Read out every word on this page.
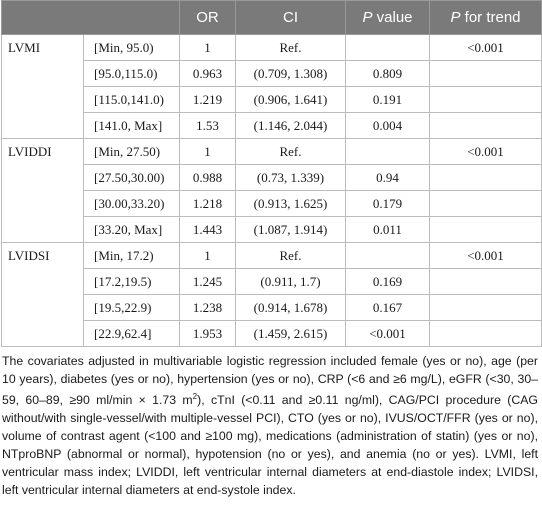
		OR	CI	P value	P for trend
LVMI	[Min, 95.0)	1	Ref.		<0.001
	[95.0,115.0)	0.963	(0.709, 1.308)	0.809	
	[115.0,141.0)	1.219	(0.906, 1.641)	0.191	
	[141.0, Max]	1.53	(1.146, 2.044)	0.004	
LVIDDI	[Min, 27.50)	1	Ref.		<0.001
	[27.50,30.00)	0.988	(0.73, 1.339)	0.94	
	[30.00,33.20)	1.218	(0.913, 1.625)	0.179	
	[33.20, Max]	1.443	(1.087, 1.914)	0.011	
LVIDSI	[Min, 17.2)	1	Ref.		<0.001
	[17.2,19.5)	1.245	(0.911, 1.7)	0.169	
	[19.5,22.9)	1.238	(0.914, 1.678)	0.167	
	[22.9,62.4]	1.953	(1.459, 2.615)	<0.001	

The covariates adjusted in multivariable logistic regression included female (yes or no), age (per 10 years), diabetes (yes or no), hypertension (yes or no), CRP (<6 and ≥6 mg/L), eGFR (<30, 30–59, 60–89, ≥90 ml/min × 1.73 $m^2$), cTnI (<0.11 and ≥0.11 ng/ml), CAG/PCI procedure (CAG without/with single-vessel/with multiple-vessel PCI), CTO (yes or no), IVUS/OCT/FFR (yes or no), volume of contrast agent (<100 and ≥100 mg), medications (administration of statin) (yes or no), NTproBNP (abnormal or normal), hypotension (no or yes), and anemia (no or yes). LVMI, left ventricular mass index; LVIDDI, left ventricular internal diameters at end-diastole index; LVIDSI, left ventricular internal diameters at end-systole index.
